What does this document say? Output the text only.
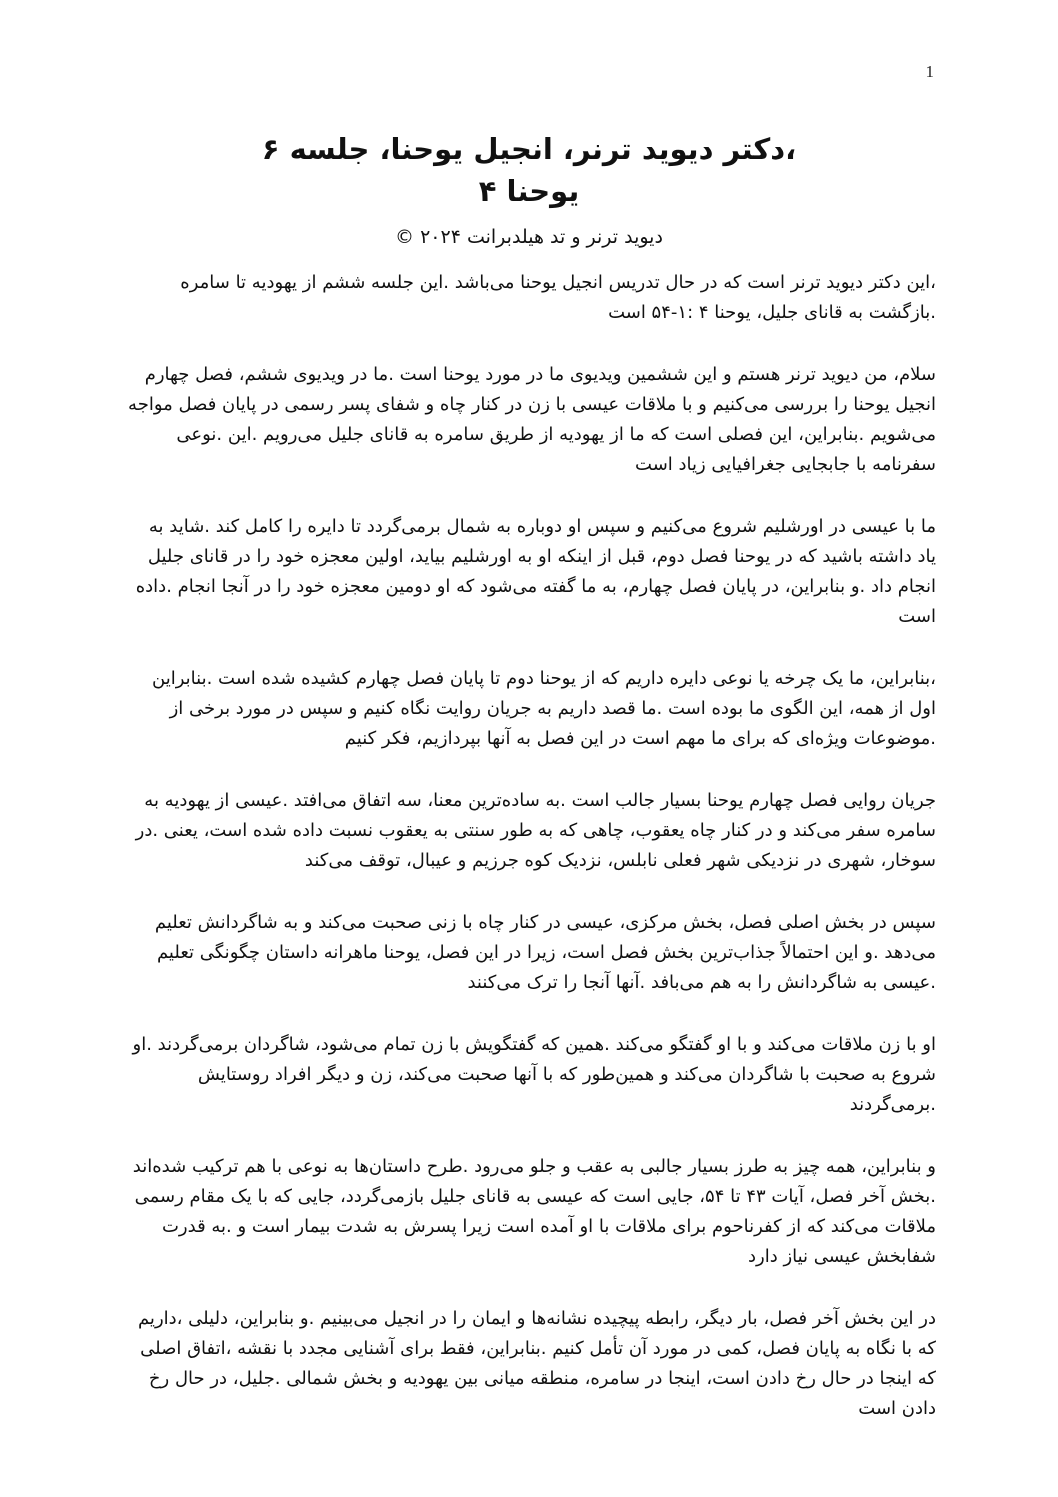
1
،دکتر دیوید ترنر، انجیل یوحنا، جلسه ۶
یوحنا ۴
دیوید ترنر و تد هیلدبرانت ۲۰۲۴ ©

،این دکتر دیوید ترنر است که در حال تدریس انجیل یوحنا می‌باشد .این جلسه ششم از یهودیه تا سامره .بازگشت به قانای جلیل، یوحنا ۴ :۱-۵۴ است

سلام، من دیوید ترنر هستم و این ششمین ویدیوی ما در مورد یوحنا است .ما در ویدیوی ششم، فصل چهارم انجیل یوحنا را بررسی می‌کنیم و با ملاقات عیسی با زن در کنار چاه و شفای پسر رسمی در پایان فصل مواجه می‌شویم .بنابراین، این فصلی است که ما از یهودیه از طریق سامره به قانای جلیل می‌رویم .این .نوعی سفرنامه با جابجایی جغرافیایی زیاد است

ما با عیسی در اورشلیم شروع می‌کنیم و سپس او دوباره به شمال برمی‌گردد تا دایره را کامل کند .شاید به یاد داشته باشید که در یوحنا فصل دوم، قبل از اینکه او به اورشلیم بیاید، اولین معجزه خود را در قانای جلیل انجام داد .و بنابراین، در پایان فصل چهارم، به ما گفته می‌شود که او دومین معجزه خود را در آنجا انجام .داده است

،بنابراین، ما یک چرخه یا نوعی دایره داریم که از یوحنا دوم تا پایان فصل چهارم کشیده شده است .بنابراین اول از همه، این الگوی ما بوده است .ما قصد داریم به جریان روایت نگاه کنیم و سپس در مورد برخی از .موضوعات ویژه‌ای که برای ما مهم است در این فصل به آنها بپردازیم، فکر کنیم

جریان روایی فصل چهارم یوحنا بسیار جالب است .به ساده‌ترین معنا، سه اتفاق می‌افتد .عیسی از یهودیه به سامره سفر می‌کند و در کنار چاه یعقوب، چاهی که به طور سنتی به یعقوب نسبت داده شده است، یعنی .در سوخار، شهری در نزدیکی شهر فعلی نابلس، نزدیک کوه جرزیم و عیبال، توقف می‌کند

سپس در بخش اصلی فصل، بخش مرکزی، عیسی در کنار چاه با زنی صحبت می‌کند و به شاگردانش تعلیم می‌دهد .و این احتمالاً جذاب‌ترین بخش فصل است، زیرا در این فصل، یوحنا ماهرانه داستان چگونگی تعلیم .عیسی به شاگردانش را به هم می‌بافد .آنها آنجا را ترک می‌کنند

او با زن ملاقات می‌کند و با او گفتگو می‌کند .همین که گفتگویش با زن تمام می‌شود، شاگردان برمی‌گردند .او شروع به صحبت با شاگردان می‌کند و همین‌طور که با آنها صحبت می‌کند، زن و دیگر افراد روستایش .برمی‌گردند

و بنابراین، همه چیز به طرز بسیار جالبی به عقب و جلو می‌رود .طرح داستان‌ها به نوعی با هم ترکیب شده‌اند .بخش آخر فصل، آیات ۴۳ تا ۵۴، جایی است که عیسی به قانای جلیل بازمی‌گردد، جایی که با یک مقام رسمی ملاقات می‌کند که از کفرناحوم برای ملاقات با او آمده است زیرا پسرش به شدت بیمار است و .به قدرت شفابخش عیسی نیاز دارد

در این بخش آخر فصل، بار دیگر، رابطه پیچیده نشانه‌ها و ایمان را در انجیل می‌بینیم .و بنابراین، دلیلی ،داریم که با نگاه به پایان فصل، کمی در مورد آن تأمل کنیم .بنابراین، فقط برای آشنایی مجدد با نقشه ،اتفاق اصلی که اینجا در حال رخ دادن است، اینجا در سامره، منطقه میانی بین یهودیه و بخش شمالی .جلیل، در حال رخ دادن است
